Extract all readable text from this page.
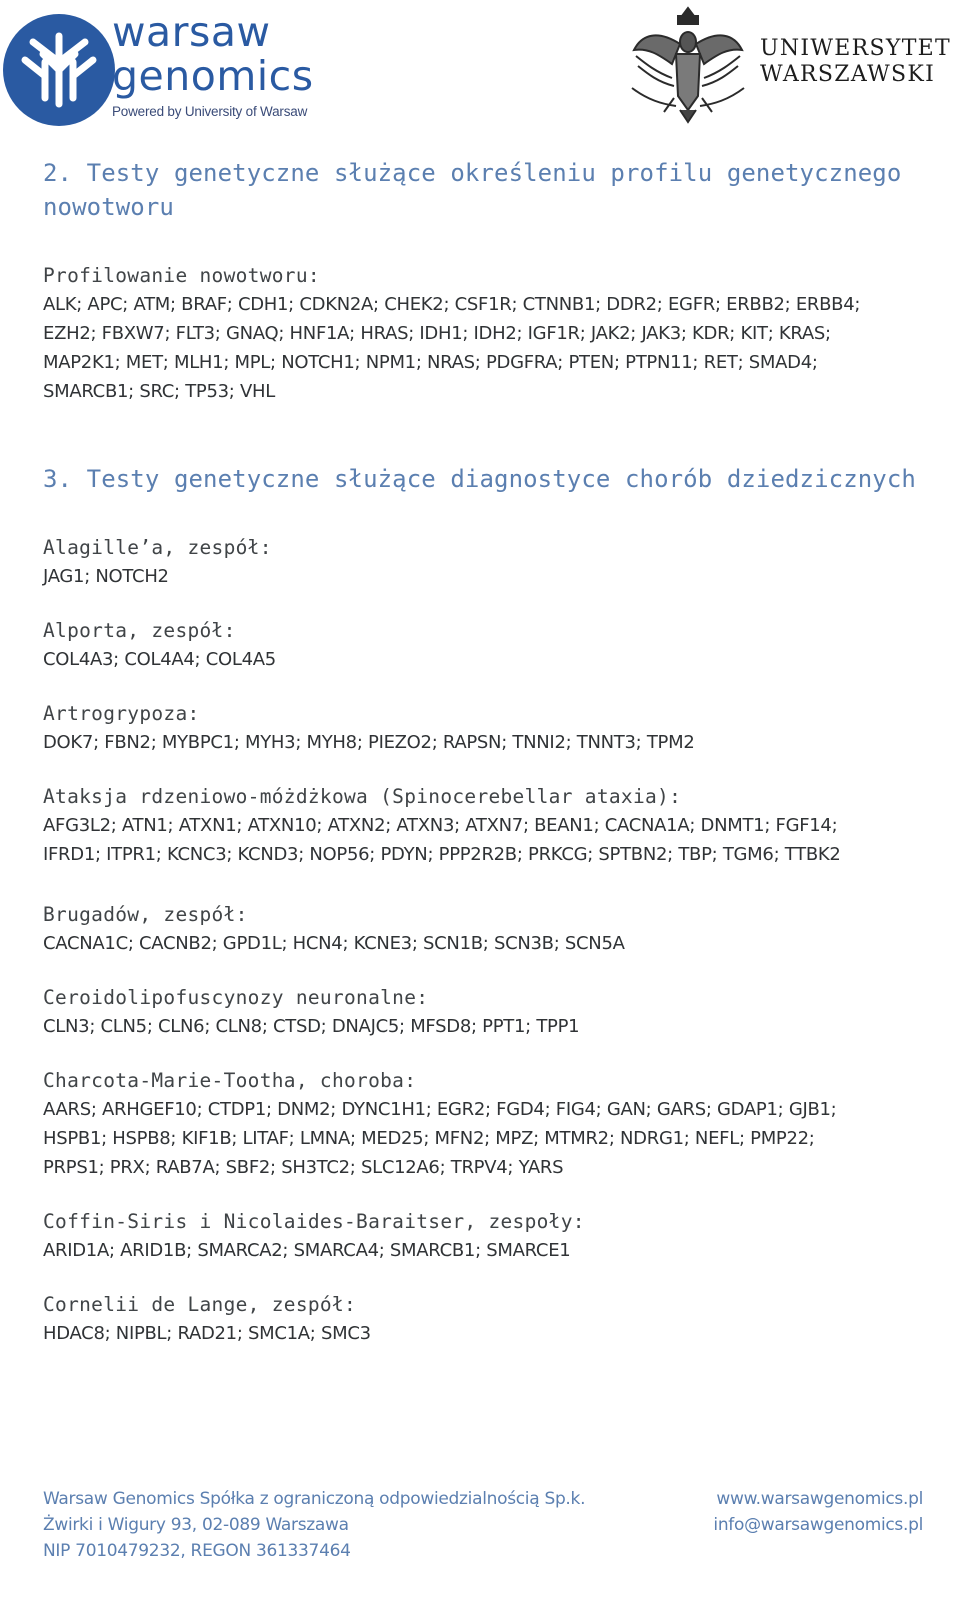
warsaw
genomics
Powered by University of Warsaw
UNIWERSYTET
WARSZAWSKI
2. Testy genetyczne służące określeniu profilu genetycznego
nowotworu
Profilowanie nowotworu:
ALK; APC; ATM; BRAF; CDH1; CDKN2A; CHEK2; CSF1R; CTNNB1; DDR2; EGFR; ERBB2; ERBB4;
EZH2; FBXW7; FLT3; GNAQ; HNF1A; HRAS; IDH1; IDH2; IGF1R; JAK2; JAK3; KDR; KIT; KRAS;
MAP2K1; MET; MLH1; MPL; NOTCH1; NPM1; NRAS; PDGFRA; PTEN; PTPN11; RET; SMAD4;
SMARCB1; SRC; TP53; VHL
3. Testy genetyczne służące diagnostyce chorób dziedzicznych
Alagille’a, zespół:
JAG1; NOTCH2
Alporta, zespół:
COL4A3; COL4A4; COL4A5
Artrogrypoza:
DOK7; FBN2; MYBPC1; MYH3; MYH8; PIEZO2; RAPSN; TNNI2; TNNT3; TPM2
Ataksja rdzeniowo-móżdżkowa (Spinocerebellar ataxia):
AFG3L2; ATN1; ATXN1; ATXN10; ATXN2; ATXN3; ATXN7; BEAN1; CACNA1A; DNMT1; FGF14;
IFRD1; ITPR1; KCNC3; KCND3; NOP56; PDYN; PPP2R2B; PRKCG; SPTBN2; TBP; TGM6; TTBK2
Brugadów, zespół:
CACNA1C; CACNB2; GPD1L; HCN4; KCNE3; SCN1B; SCN3B; SCN5A
Ceroidolipofuscynozy neuronalne:
CLN3; CLN5; CLN6; CLN8; CTSD; DNAJC5; MFSD8; PPT1; TPP1
Charcota-Marie-Tootha, choroba:
AARS; ARHGEF10; CTDP1; DNM2; DYNC1H1; EGR2; FGD4; FIG4; GAN; GARS; GDAP1; GJB1;
HSPB1; HSPB8; KIF1B; LITAF; LMNA; MED25; MFN2; MPZ; MTMR2; NDRG1; NEFL; PMP22;
PRPS1; PRX; RAB7A; SBF2; SH3TC2; SLC12A6; TRPV4; YARS
Coffin-Siris i Nicolaides-Baraitser, zespoły:
ARID1A; ARID1B; SMARCA2; SMARCA4; SMARCB1; SMARCE1
Cornelii de Lange, zespół:
HDAC8; NIPBL; RAD21; SMC1A; SMC3
Warsaw Genomics Spółka z ograniczoną odpowiedzialnością Sp.k.
Żwirki i Wigury 93, 02-089 Warszawa
NIP 7010479232, REGON 361337464
www.warsawgenomics.pl
info@warsawgenomics.pl
